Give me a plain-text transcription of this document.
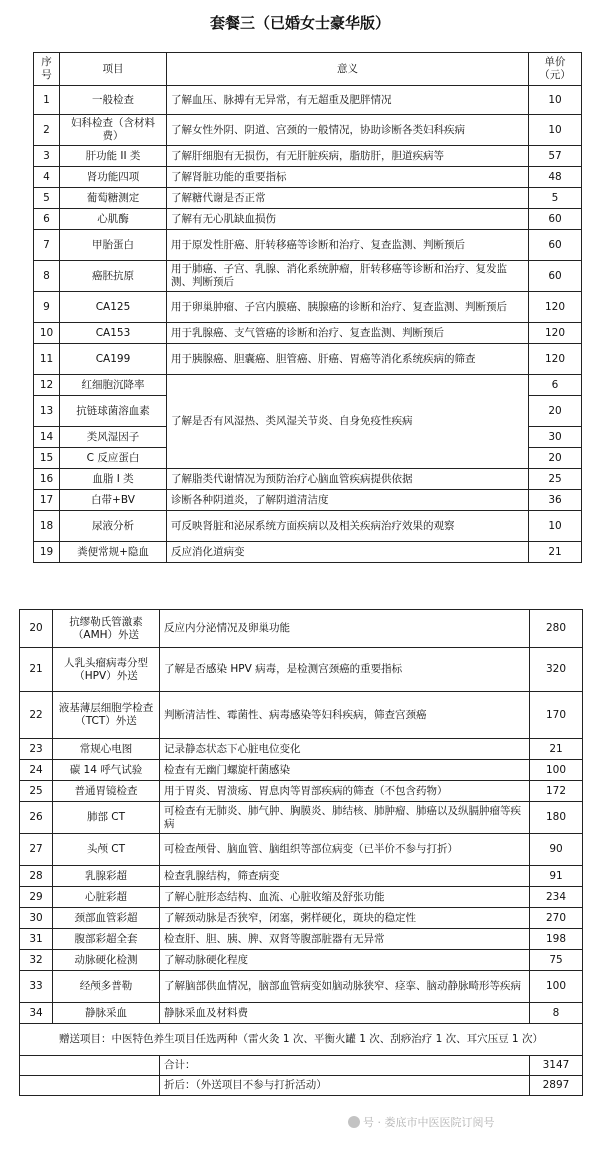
套餐三（已婚女士豪华版）
序号	项目	意义	单价（元）
1	一般检查	了解血压、脉搏有无异常，有无超重及肥胖情况	10
2	妇科检查（含材料费）	了解女性外阴、阴道、宫颈的一般情况，协助诊断各类妇科疾病	10
3	肝功能 II 类	了解肝细胞有无损伤，有无肝脏疾病，脂肪肝，胆道疾病等	57
4	肾功能四项	了解肾脏功能的重要指标	48
5	葡萄糖测定	了解糖代谢是否正常	5
6	心肌酶	了解有无心肌缺血损伤	60
7	甲胎蛋白	用于原发性肝癌、肝转移癌等诊断和治疗、复查监测、判断预后	60
8	癌胚抗原	用于肺癌、子宫、乳腺、消化系统肿瘤，肝转移癌等诊断和治疗、复发监测、判断预后	60
9	CA125	用于卵巢肿瘤、子宫内膜癌、胰腺癌的诊断和治疗、复查监测、判断预后	120
10	CA153	用于乳腺癌、支气管癌的诊断和治疗、复查监测、判断预后	120
11	CA199	用于胰腺癌、胆囊癌、胆管癌、肝癌、胃癌等消化系统疾病的筛查	120
12	红细胞沉降率	了解是否有风湿热、类风湿关节炎、自身免疫性疾病	6
13	抗链球菌溶血素		20
14	类风湿因子		30
15	C 反应蛋白		20
16	血脂 I 类	了解脂类代谢情况为预防治疗心脑血管疾病提供依据	25
17	白带+BV	诊断各种阴道炎，了解阴道清洁度	36
18	尿液分析	可反映肾脏和泌尿系统方面疾病以及相关疾病治疗效果的观察	10
19	粪便常规+隐血	反应消化道病变	21
20	抗缪勒氏管激素（AMH）外送	反应内分泌情况及卵巢功能	280
21	人乳头瘤病毒分型（HPV）外送	了解是否感染 HPV 病毒，是检测宫颈癌的重要指标	320
22	液基薄层细胞学检查（TCT）外送	判断清洁性、霉菌性、病毒感染等妇科疾病，筛查宫颈癌	170
23	常规心电图	记录静态状态下心脏电位变化	21
24	碳 14 呼气试验	检查有无幽门螺旋杆菌感染	100
25	普通胃镜检查	用于胃炎、胃溃疡、胃息肉等胃部疾病的筛查（不包含药物）	172
26	肺部 CT	可检查有无肺炎、肺气肿、胸膜炎、肺结核、肺肿瘤、肺癌以及纵膈肿瘤等疾病	180
27	头颅 CT	可检查颅骨、脑血管、脑组织等部位病变（已半价不参与打折）	90
28	乳腺彩超	检查乳腺结构，筛查病变	91
29	心脏彩超	了解心脏形态结构、血流、心脏收缩及舒张功能	234
30	颈部血管彩超	了解颈动脉是否狭窄，闭塞，粥样硬化，斑块的稳定性	270
31	腹部彩超全套	检查肝、胆、胰、脾、双肾等腹部脏器有无异常	198
32	动脉硬化检测	了解动脉硬化程度	75
33	经颅多普勒	了解脑部供血情况，脑部血管病变如脑动脉狭窄、痉挛、脑动静脉畸形等疾病	100
34	静脉采血	静脉采血及材料费	8
赠送项目：中医特色养生项目任选两种（雷火灸 1 次、平衡火罐 1 次、刮痧治疗 1 次、耳穴压豆 1 次）			
		合计：	3147
		折后：（外送项目不参与打折活动）	2897
号 · 娄底市中医医院订阅号
